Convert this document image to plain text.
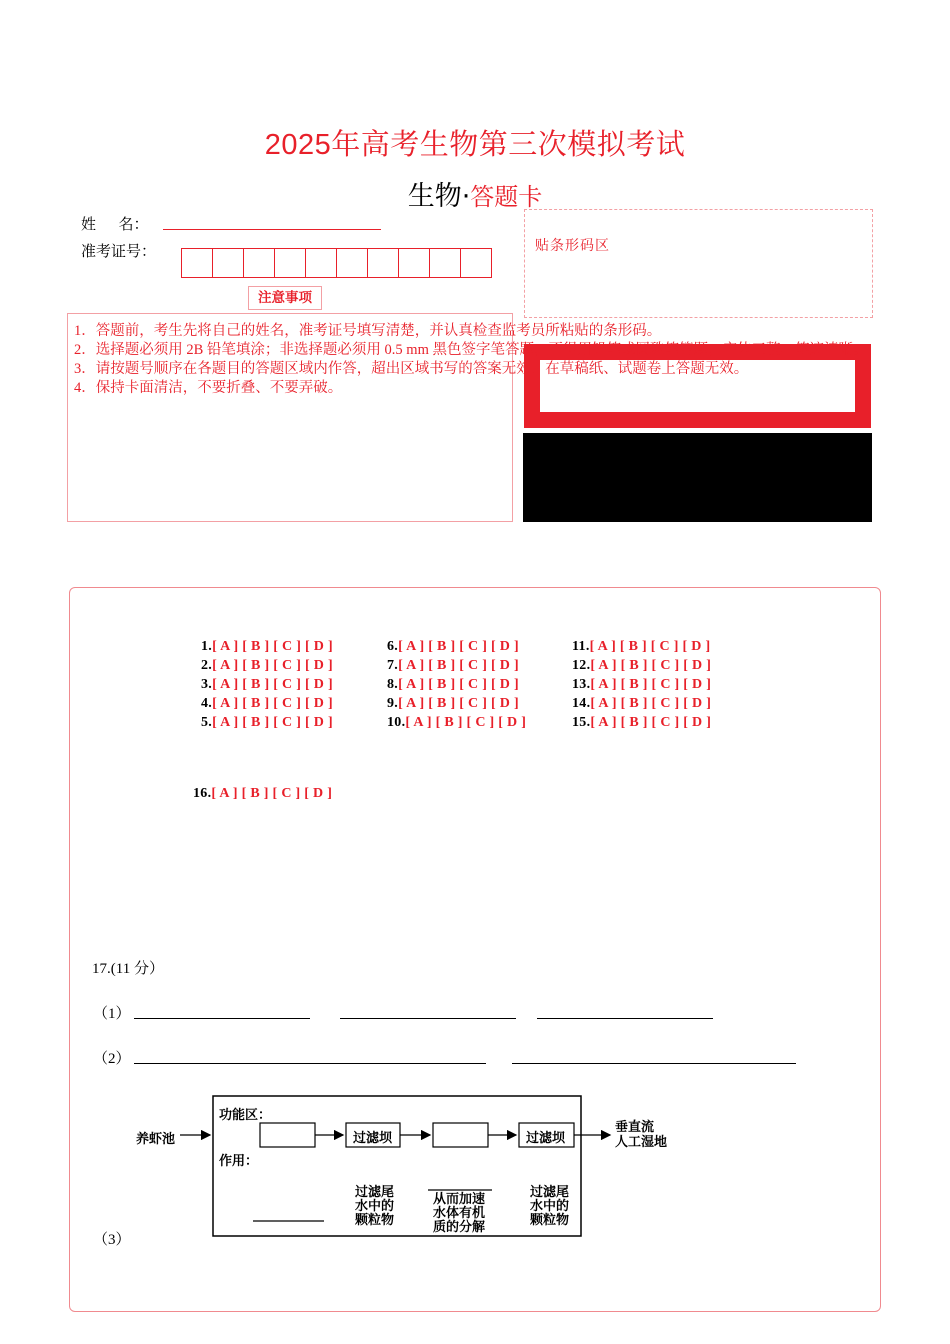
2025年高考生物第三次模拟考试
生物·答题卡
姓      名：
准考证号：	贴条形码区
注意事项
1．答题前，考生先将自己的姓名，准考证号填写清楚，并认真检查监考员所粘贴的条形码。
2．选择题必须用 2B 铅笔填涂；非选择题必须用 0.5 mm 黑色签字笔答题，不得用铅笔或圆珠笔答题；字体工整、笔迹清晰。
3．请按题号顺序在各题目的答题区域内作答，超出区域书写的答案无效；在草稿纸、试题卷上答题无效。
4．保持卡面清洁，不要折叠、不要弄破。
1.[ A ] [ B ] [ C ] [ D ]
2.[ A ] [ B ] [ C ] [ D ]
3.[ A ] [ B ] [ C ] [ D ]
4.[ A ] [ B ] [ C ] [ D ]
5.[ A ] [ B ] [ C ] [ D ]
6.[ A ] [ B ] [ C ] [ D ]
7.[ A ] [ B ] [ C ] [ D ]
8.[ A ] [ B ] [ C ] [ D ]
9.[ A ] [ B ] [ C ] [ D ]
10.[ A ] [ B ] [ C ] [ D ]
11.[ A ] [ B ] [ C ] [ D ]
12.[ A ] [ B ] [ C ] [ D ]
13.[ A ] [ B ] [ C ] [ D ]
14.[ A ] [ B ] [ C ] [ D ]
15.[ A ] [ B ] [ C ] [ D ]
16.[ A ] [ B ] [ C ] [ D ]
17.(11 分）
（1）
（2）
（3）
养虾池
功能区：
作用：
过滤坝	过滤坝
垂直流
人工湿地
过滤尾
水中的
颗粒物
从而加速
水体有机
质的分解
过滤尾
水中的
颗粒物
